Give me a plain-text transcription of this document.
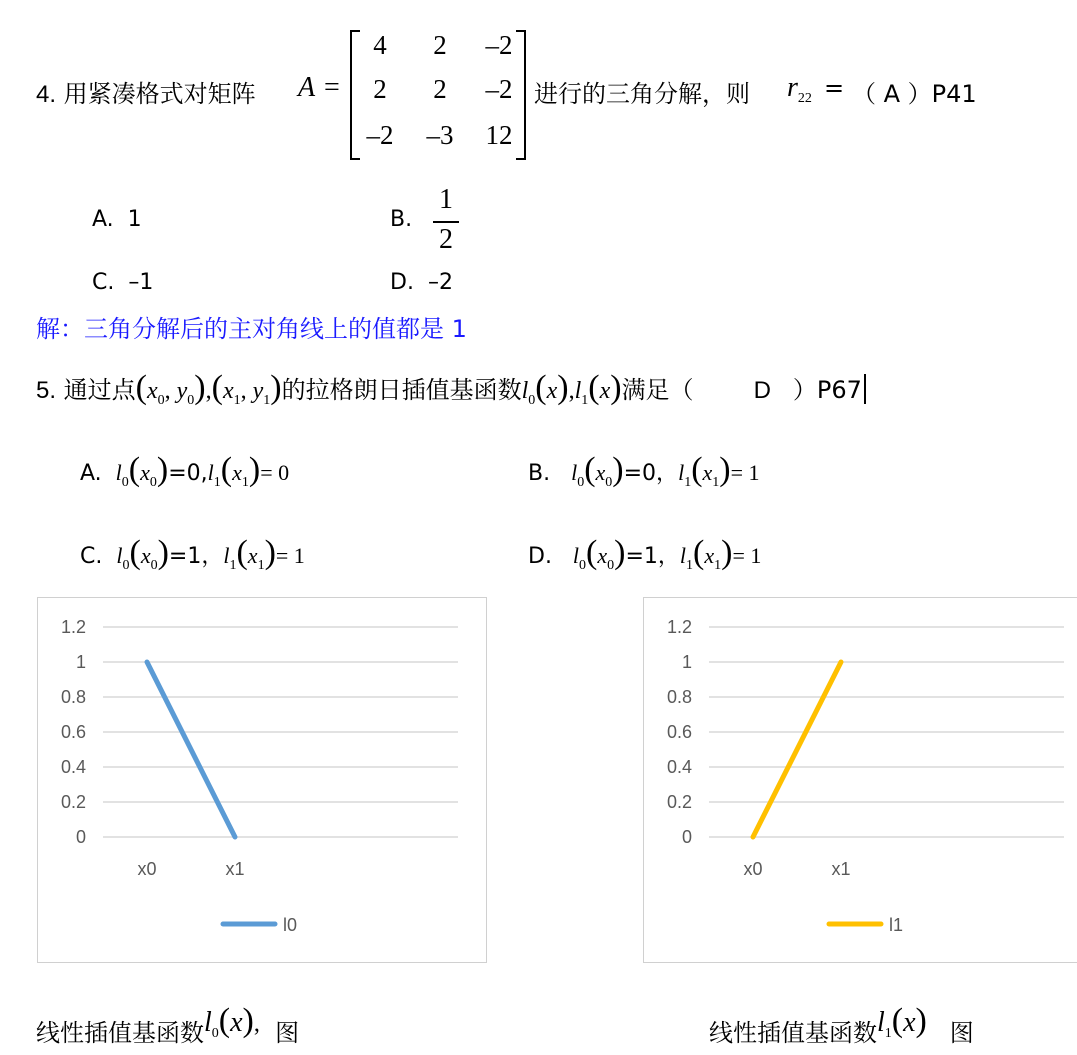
4. 用紧凑格式对矩阵 A =
4	2	–2
2	2	–2
–2	–3	12
进行的三角分解，则 $r_{22}$ = （ A ）P41
A. 1	B.
1
2
C. –1	D. –2
解：三角分解后的主对角线上的值都是 1
5. 通过点($x_0$, $y_0),(x_1$, $y_1$)的拉格朗日插值基函数$l_0(x),l_1(x)$满足（	D ）P67
A. $l_0(x_0)=0,l_1(x_1)= 0$	B. $l_0(x_0)=0$，$l_1(x_1)= 1$
C. $l_0(x_0)=1$，$l_1(x_1)= 1$	D. $l_0(x_0)=1$，$l_1(x_1)= 1$
1.2
1
0.8
0.6
0.4
0.2
0
x0	x1
l0
1.2
1
0.8
0.6
0.4
0.2
0
x0	x1
l1
线性插值基函数$l^0(x)$, 图	线性插值基函数$l^1(x)$ 图
